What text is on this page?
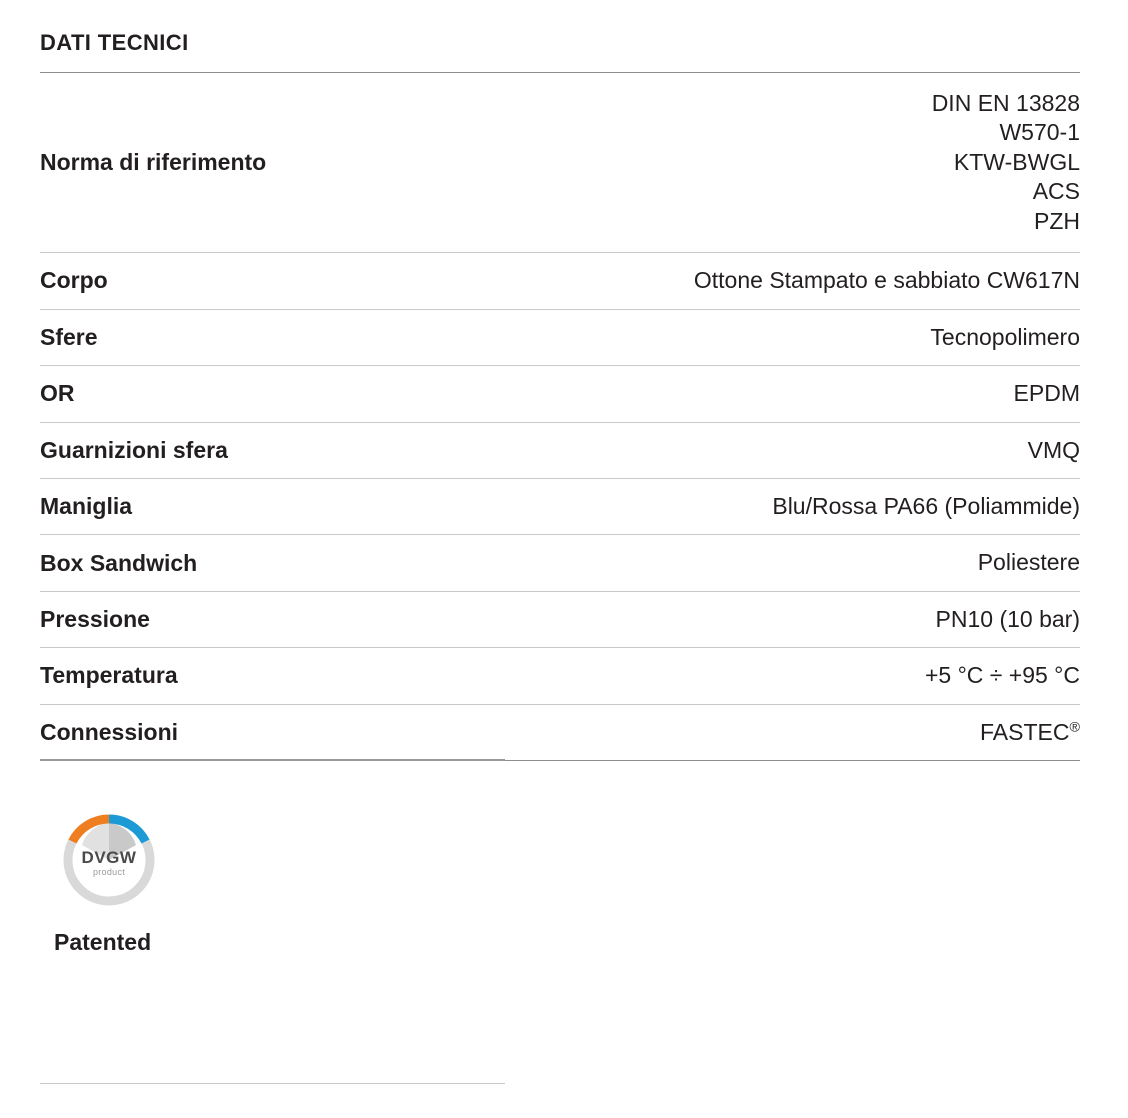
DATI TECNICI
Norma di riferimento	DIN EN 13828
W570-1
KTW-BWGL
ACS
PZH

Corpo	Ottone Stampato e sabbiato CW617N
Sfere	Tecnopolimero
OR	EPDM
Guarnizioni sfera	VMQ
Maniglia	Blu/Rossa PA66 (Poliammide)
Box Sandwich	Poliestere
Pressione	PN10 (10 bar)
Temperatura	+5 °C ÷ +95 °C
Connessioni	FASTEC®
DVGW
product
Patented
